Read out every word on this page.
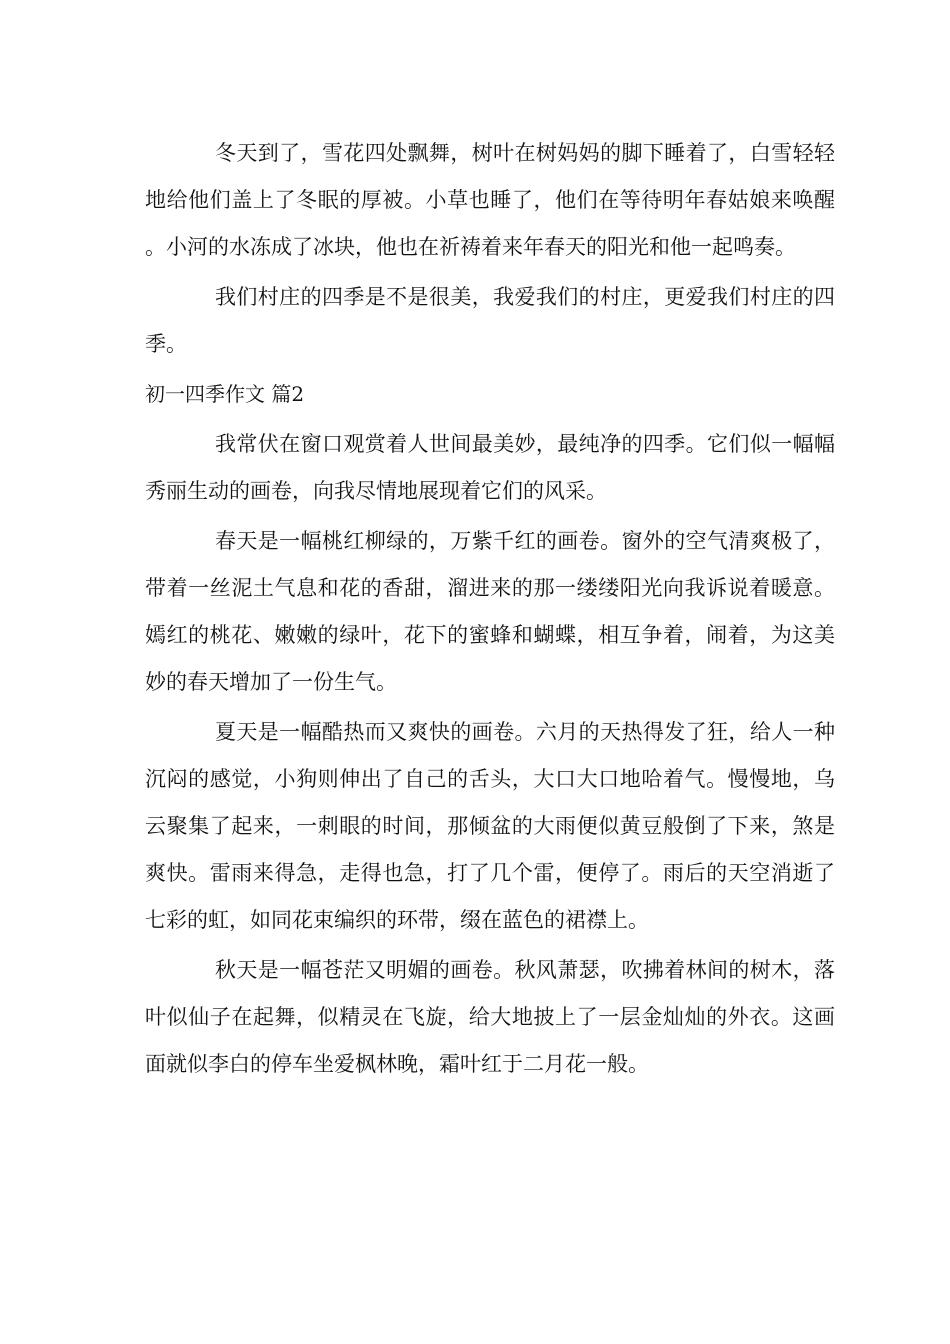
冬天到了，雪花四处飘舞，树叶在树妈妈的脚下睡着了，白雪轻轻地给他们盖上了冬眠的厚被。小草也睡了，他们在等待明年春姑娘来唤醒。小河的水冻成了冰块，他也在祈祷着来年春天的阳光和他一起鸣奏。

我们村庄的四季是不是很美，我爱我们的村庄，更爱我们村庄的四季。

初一四季作文 篇2

我常伏在窗口观赏着人世间最美妙，最纯净的四季。它们似一幅幅秀丽生动的画卷，向我尽情地展现着它们的风采。

春天是一幅桃红柳绿的，万紫千红的画卷。窗外的空气清爽极了，带着一丝泥土气息和花的香甜，溜进来的那一缕缕阳光向我诉说着暖意。嫣红的桃花、嫩嫩的绿叶，花下的蜜蜂和蝴蝶，相互争着，闹着，为这美妙的春天增加了一份生气。

夏天是一幅酷热而又爽快的画卷。六月的天热得发了狂，给人一种沉闷的感觉，小狗则伸出了自己的舌头，大口大口地哈着气。慢慢地，乌云聚集了起来，一刺眼的时间，那倾盆的大雨便似黄豆般倒了下来，煞是爽快。雷雨来得急，走得也急，打了几个雷，便停了。雨后的天空消逝了七彩的虹，如同花束编织的环带，缀在蓝色的裙襟上。

秋天是一幅苍茫又明媚的画卷。秋风萧瑟，吹拂着林间的树木，落叶似仙子在起舞，似精灵在飞旋，给大地披上了一层金灿灿的外衣。这画面就似李白的停车坐爱枫林晚，霜叶红于二月花一般。
